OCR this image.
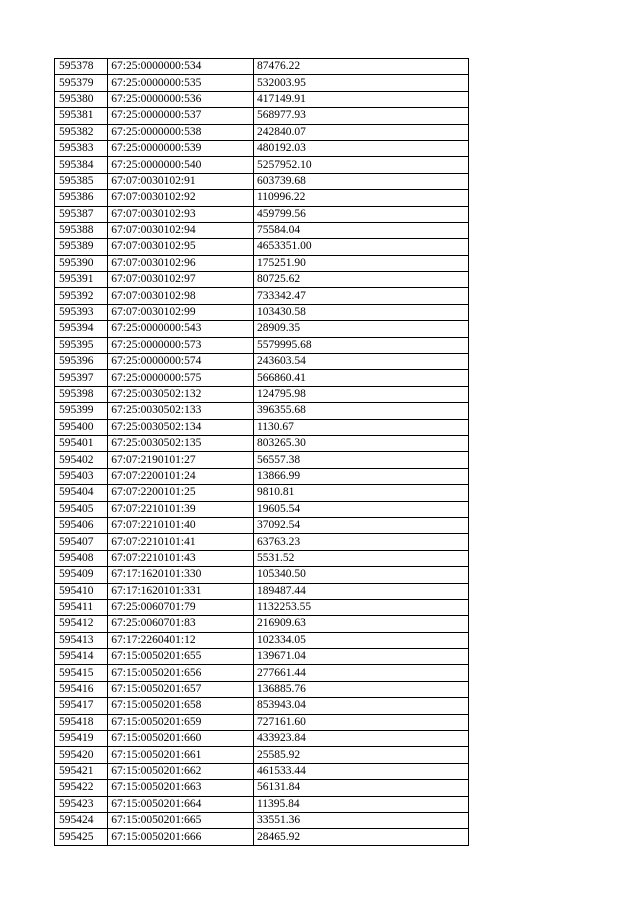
595378	67:25:0000000:534	87476.22
595379	67:25:0000000:535	532003.95
595380	67:25:0000000:536	417149.91
595381	67:25:0000000:537	568977.93
595382	67:25:0000000:538	242840.07
595383	67:25:0000000:539	480192.03
595384	67:25:0000000:540	5257952.10
595385	67:07:0030102:91	603739.68
595386	67:07:0030102:92	110996.22
595387	67:07:0030102:93	459799.56
595388	67:07:0030102:94	75584.04
595389	67:07:0030102:95	4653351.00
595390	67:07:0030102:96	175251.90
595391	67:07:0030102:97	80725.62
595392	67:07:0030102:98	733342.47
595393	67:07:0030102:99	103430.58
595394	67:25:0000000:543	28909.35
595395	67:25:0000000:573	5579995.68
595396	67:25:0000000:574	243603.54
595397	67:25:0000000:575	566860.41
595398	67:25:0030502:132	124795.98
595399	67:25:0030502:133	396355.68
595400	67:25:0030502:134	1130.67
595401	67:25:0030502:135	803265.30
595402	67:07:2190101:27	56557.38
595403	67:07:2200101:24	13866.99
595404	67:07:2200101:25	9810.81
595405	67:07:2210101:39	19605.54
595406	67:07:2210101:40	37092.54
595407	67:07:2210101:41	63763.23
595408	67:07:2210101:43	5531.52
595409	67:17:1620101:330	105340.50
595410	67:17:1620101:331	189487.44
595411	67:25:0060701:79	1132253.55
595412	67:25:0060701:83	216909.63
595413	67:17:2260401:12	102334.05
595414	67:15:0050201:655	139671.04
595415	67:15:0050201:656	277661.44
595416	67:15:0050201:657	136885.76
595417	67:15:0050201:658	853943.04
595418	67:15:0050201:659	727161.60
595419	67:15:0050201:660	433923.84
595420	67:15:0050201:661	25585.92
595421	67:15:0050201:662	461533.44
595422	67:15:0050201:663	56131.84
595423	67:15:0050201:664	11395.84
595424	67:15:0050201:665	33551.36
595425	67:15:0050201:666	28465.92
